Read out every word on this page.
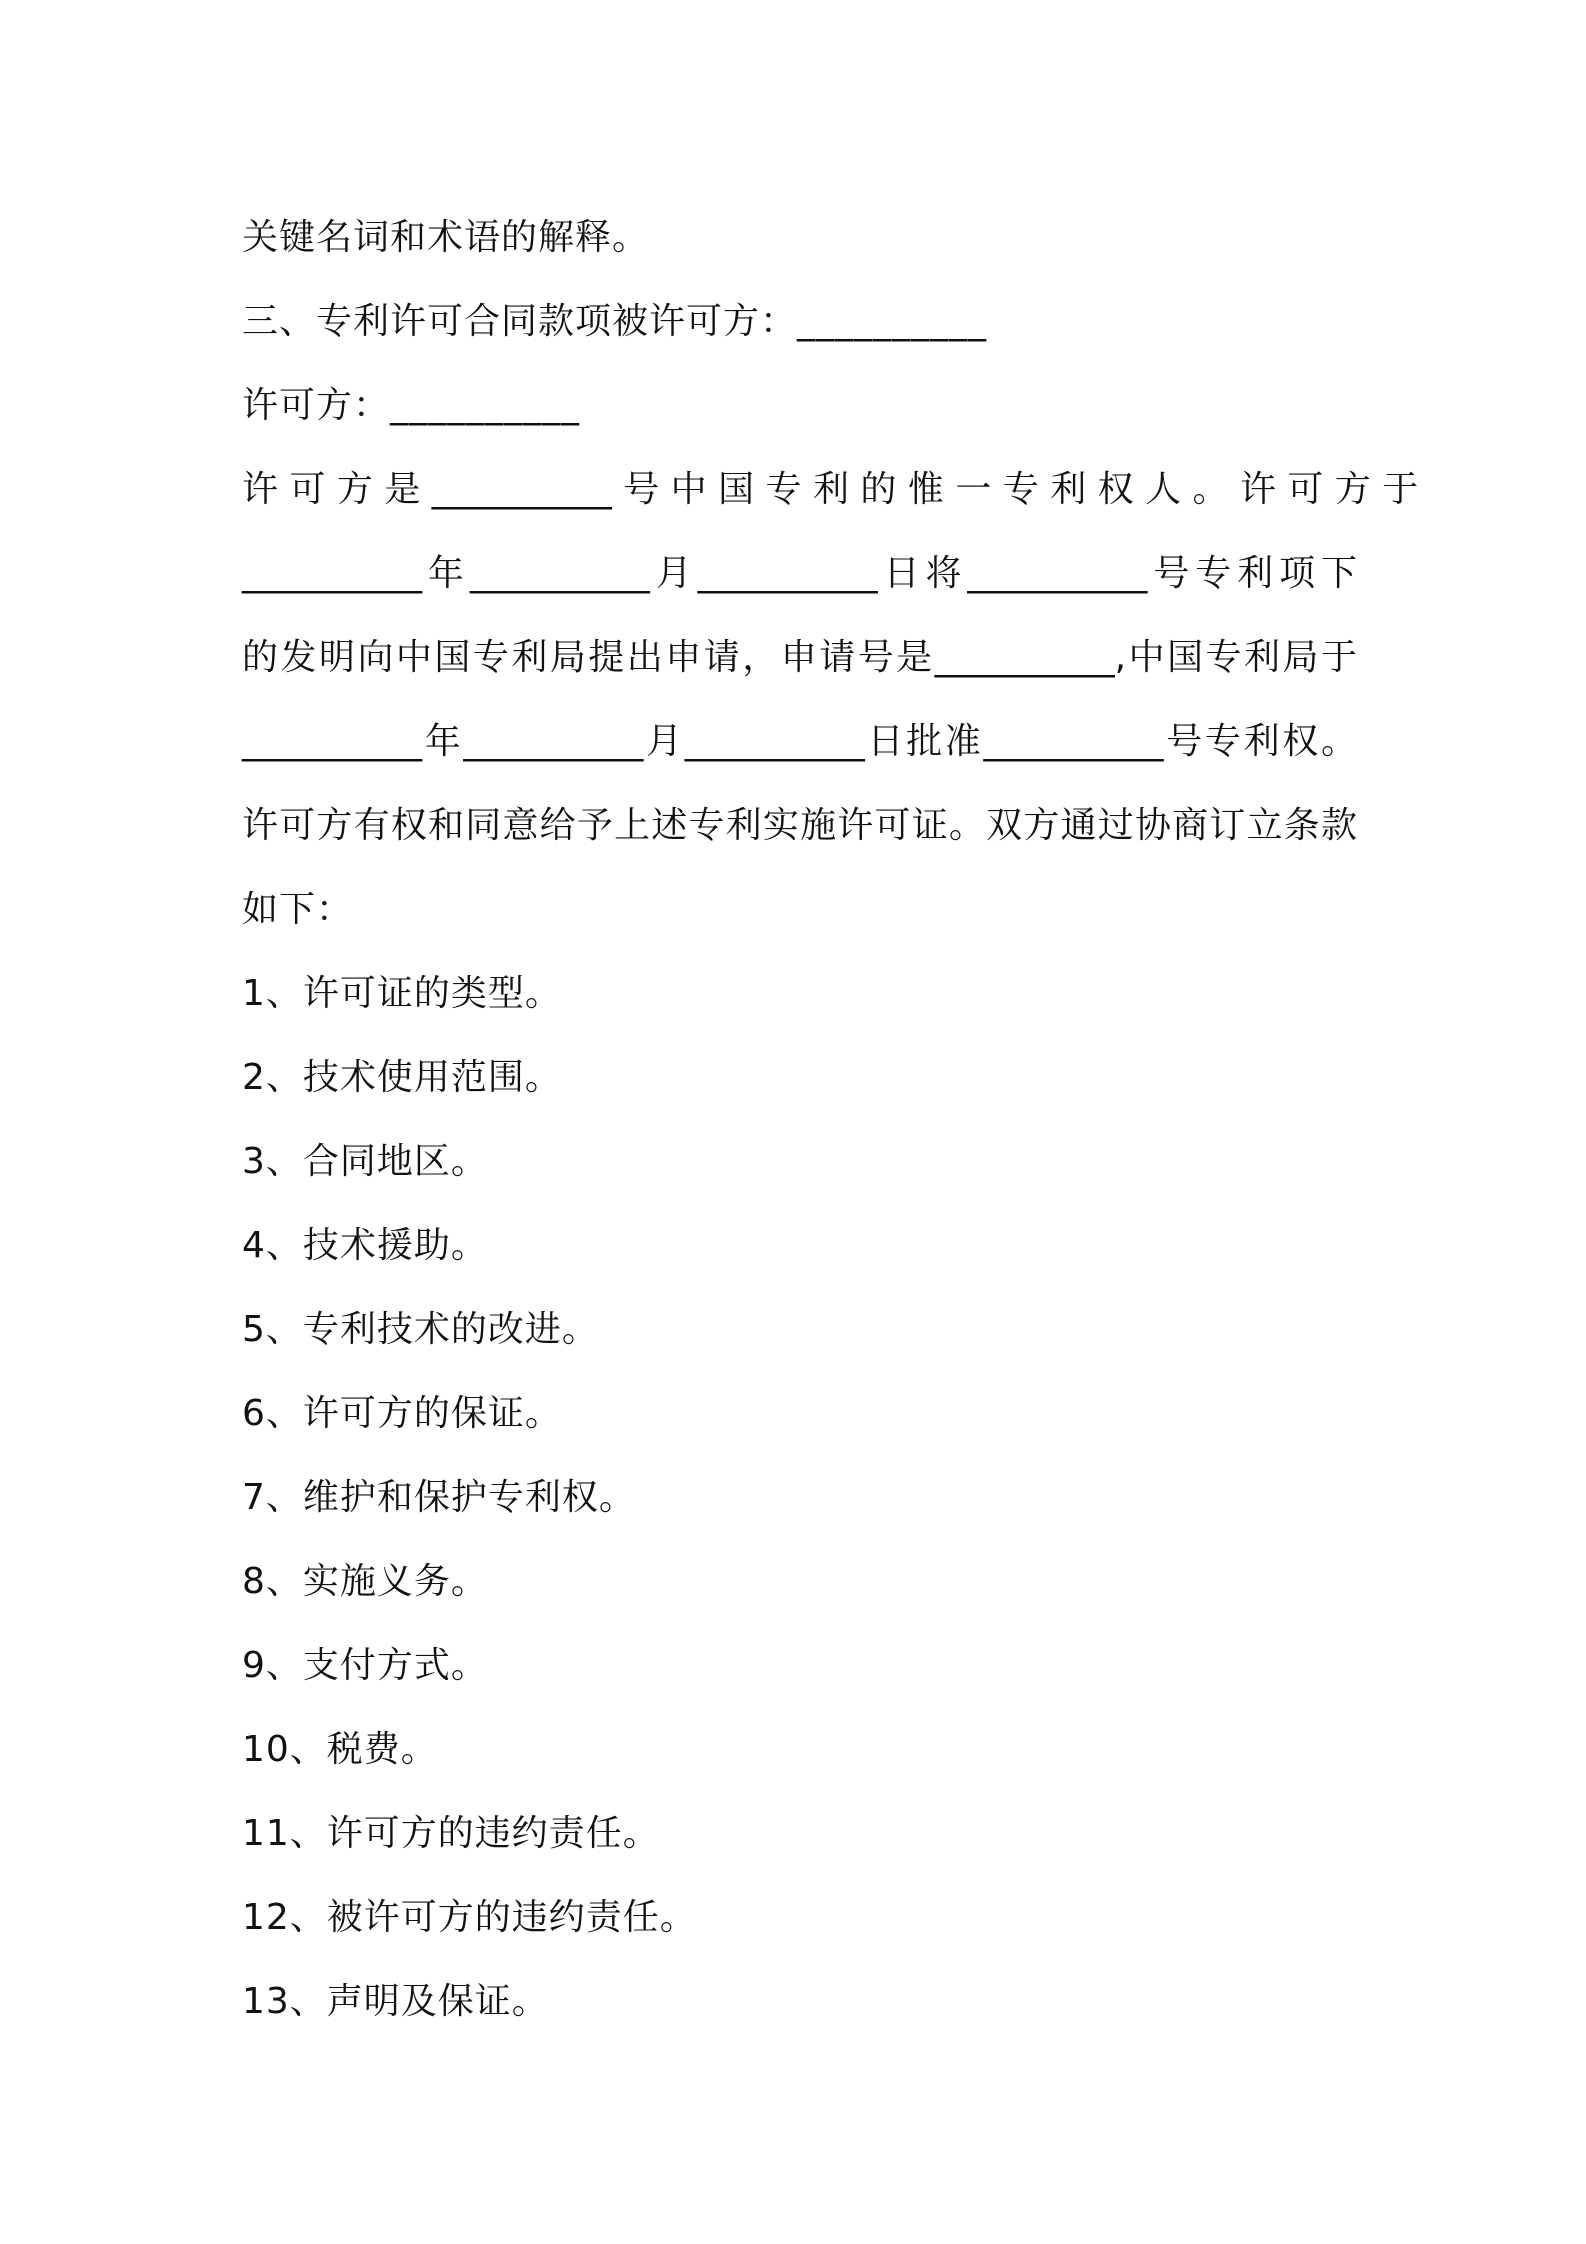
关键名词和术语的解释。
三、专利许可合同款项被许可方：__________
许可方：__________
许 可 方 是 __________ 号 中 国 专 利 的 惟 一 专 利 权 人 。 许 可 方 于
__________年__________月__________日将__________号专利项下
的发明向中国专利局提出申请，申请号是__________,中国专利局于
__________年__________月__________日批准__________号专利权。
许可方有权和同意给予上述专利实施许可证。双方通过协商订立条款
如下：
1、许可证的类型。
2、技术使用范围。
3、合同地区。
4、技术援助。
5、专利技术的改进。
6、许可方的保证。
7、维护和保护专利权。
8、实施义务。
9、支付方式。
10、税费。
11、许可方的违约责任。
12、被许可方的违约责任。
13、声明及保证。
